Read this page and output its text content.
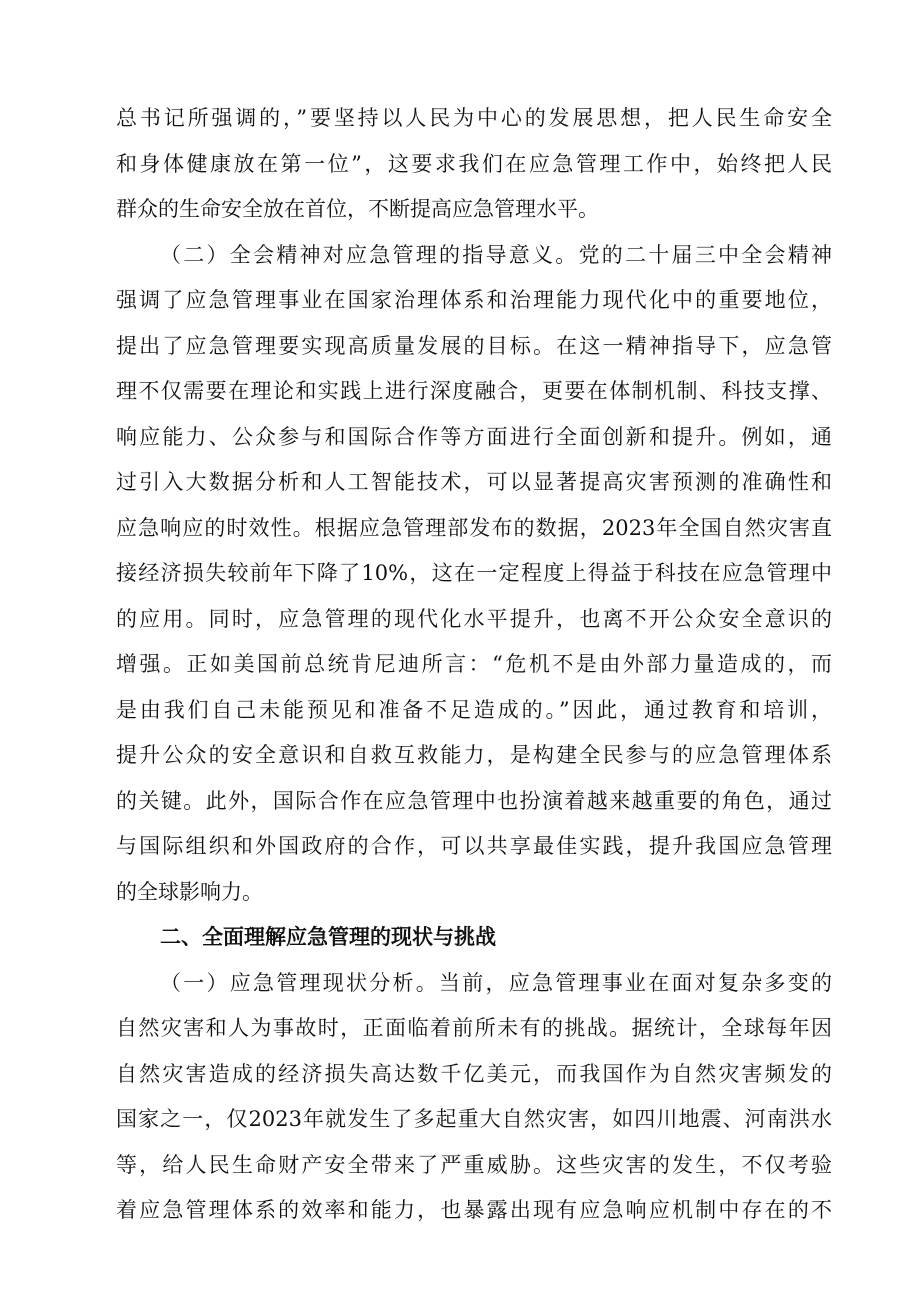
总书记所强调的，”要坚持以人民为中心的发展思想，把人民生命安全
和身体健康放在第一位”，这要求我们在应急管理工作中，始终把人民
群众的生命安全放在首位，不断提高应急管理水平。
（二）全会精神对应急管理的指导意义。党的二十届三中全会精神
强调了应急管理事业在国家治理体系和治理能力现代化中的重要地位，
提出了应急管理要实现高质量发展的目标。在这一精神指导下，应急管
理不仅需要在理论和实践上进行深度融合，更要在体制机制、科技支撑、
响应能力、公众参与和国际合作等方面进行全面创新和提升。例如，通
过引入大数据分析和人工智能技术，可以显著提高灾害预测的准确性和
应急响应的时效性。根据应急管理部发布的数据，2023年全国自然灾害直
接经济损失较前年下降了10%，这在一定程度上得益于科技在应急管理中
的应用。同时，应急管理的现代化水平提升，也离不开公众安全意识的
增强。正如美国前总统肯尼迪所言：“危机不是由外部力量造成的，而
是由我们自己未能预见和准备不足造成的。”因此，通过教育和培训，
提升公众的安全意识和自救互救能力，是构建全民参与的应急管理体系
的关键。此外，国际合作在应急管理中也扮演着越来越重要的角色，通过
与国际组织和外国政府的合作，可以共享最佳实践，提升我国应急管理
的全球影响力。
二、全面理解应急管理的现状与挑战
（一）应急管理现状分析。当前，应急管理事业在面对复杂多变的
自然灾害和人为事故时，正面临着前所未有的挑战。据统计，全球每年因
自然灾害造成的经济损失高达数千亿美元，而我国作为自然灾害频发的
国家之一，仅2023年就发生了多起重大自然灾害，如四川地震、河南洪水
等，给人民生命财产安全带来了严重威胁。这些灾害的发生，不仅考验
着应急管理体系的效率和能力，也暴露出现有应急响应机制中存在的不
